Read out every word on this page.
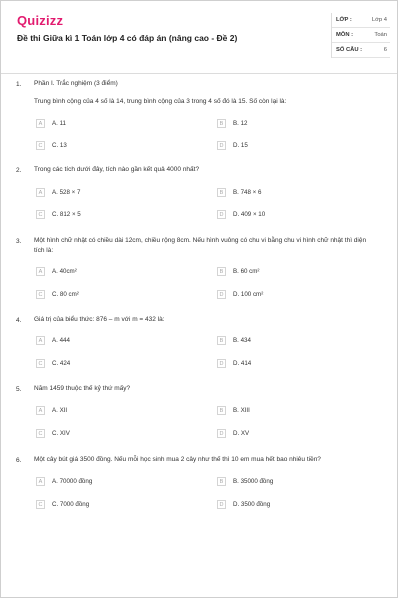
Quizizz
Đề thi Giữa kì 1 Toán lớp 4 có đáp án (nâng cao - Đề 2)
LỚP :	Lớp 4
MÔN :	Toán
SỐ CÂU :	6
1. Phần I. Trắc nghiệm (3 điểm)
Trung bình cộng của 4 số là 14, trung bình cộng của 3 trong 4 số đó là 15. Số còn lại là:
A	A. 11	B	B. 12
C	C. 13	D	D. 15
2. Trong các tích dưới đây, tích nào gần kết quả 4000 nhất?
A	A. 528 × 7	B	B. 748 × 6
C	C. 812 × 5	D	D. 409 × 10
3. Một hình chữ nhật có chiều dài 12cm, chiều rộng 8cm. Nếu hình vuông có chu vi bằng chu vi hình chữ nhật thì diện
tích là:
A	A. 40cm²	B	B. 60 cm²
C	C. 80 cm²	D	D. 100 cm²
4. Giá trị của biểu thức: 876 – m với m = 432 là:
A	A. 444	B	B. 434
C	C. 424	D	D. 414
5. Năm 1459 thuộc thế kỷ thứ mấy?
A	A. XII	B	B. XIII
C	C. XIV	D	D. XV
6. Một cây bút giá 3500 đồng. Nếu mỗi học sinh mua 2 cây như thế thì 10 em mua hết bao nhiêu tiền?
A	A. 70000 đồng	B	B. 35000 đồng
C	C. 7000 đồng	D	D. 3500 đồng
